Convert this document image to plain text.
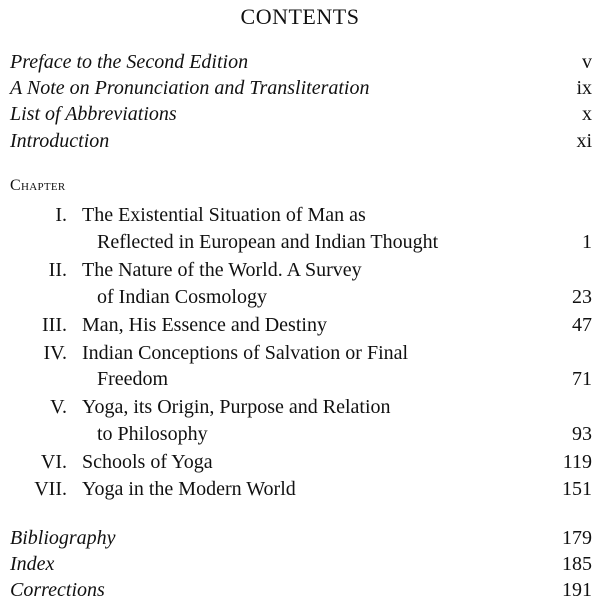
CONTENTS
Preface to the Second Edition	v
A Note on Pronunciation and Transliteration	ix
List of Abbreviations	x
Introduction	xi
Chapter
I. The Existential Situation of Man as
Reflected in European and Indian Thought	1
II. The Nature of the World. A Survey
of Indian Cosmology	23
III. Man, His Essence and Destiny	47
IV. Indian Conceptions of Salvation or Final
Freedom	71
V. Yoga, its Origin, Purpose and Relation
to Philosophy	93
VI. Schools of Yoga	119
VII. Yoga in the Modern World	151
Bibliography	179
Index	185
Corrections	191
